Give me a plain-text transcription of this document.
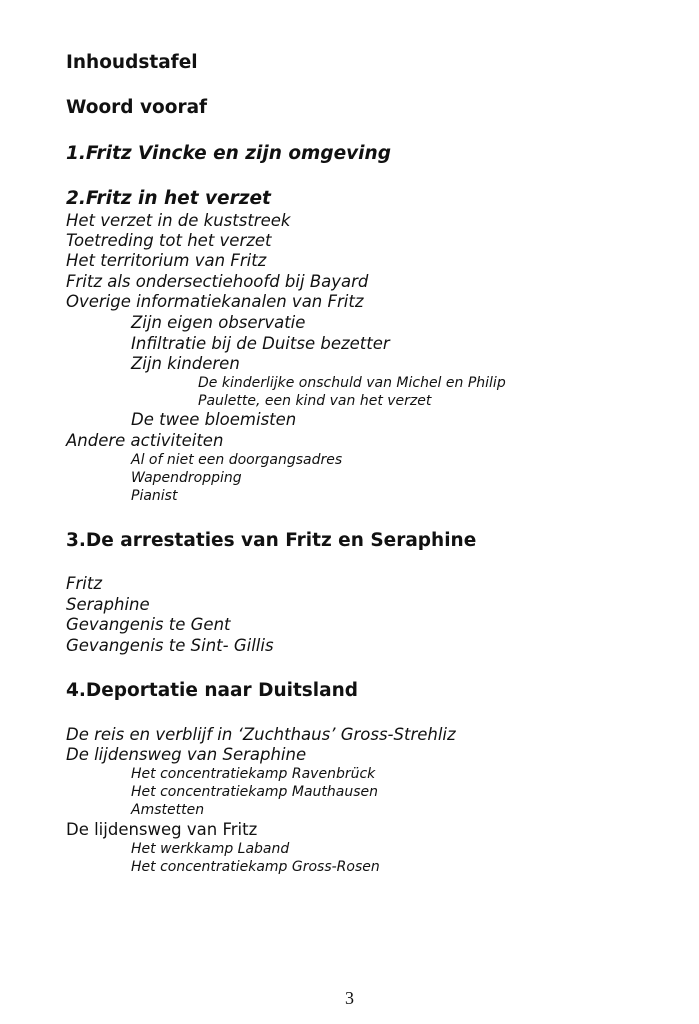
Inhoudstafel
Woord vooraf
1.Fritz Vincke en zijn omgeving
2.Fritz in het verzet
Het verzet in de kuststreek
Toetreding tot het verzet
Het territorium van Fritz
Fritz als ondersectiehoofd bij Bayard
Overige informatiekanalen van Fritz
Zijn eigen observatie
Infiltratie bij de Duitse bezetter
Zijn kinderen
De kinderlijke onschuld van Michel en Philip
Paulette, een kind van het verzet
De twee bloemisten
Andere activiteiten
Al of niet een doorgangsadres
Wapendropping
Pianist
3.De arrestaties van Fritz en Seraphine
Fritz
Seraphine
Gevangenis te Gent
Gevangenis te Sint- Gillis
4.Deportatie naar Duitsland
De reis en verblijf in ‘Zuchthaus’ Gross-Strehliz
De lijdensweg van Seraphine
Het concentratiekamp Ravenbrück
Het concentratiekamp Mauthausen
Amstetten
De lijdensweg van Fritz
Het werkkamp Laband
Het concentratiekamp Gross-Rosen
3
